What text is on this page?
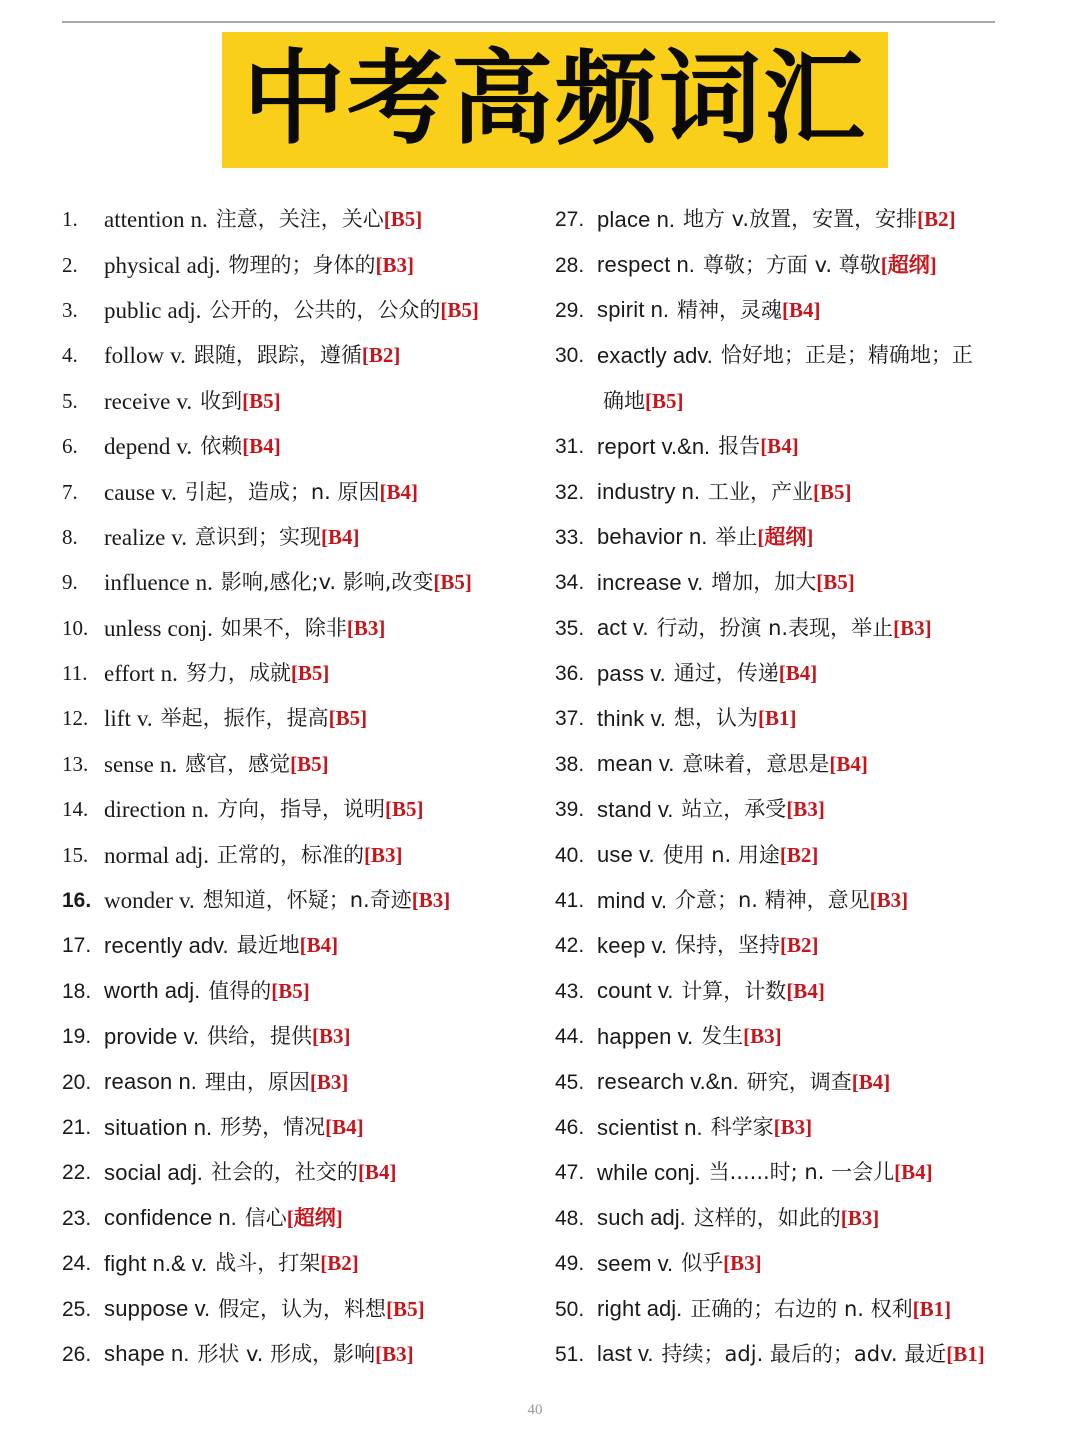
中考高频词汇
1.	attention n. 注意，关注，关心 [B5]
2.	physical adj. 物理的；身体的 [B3]
3.	public adj. 公开的，公共的，公众的 [B5]
4.	follow v. 跟随，跟踪，遵循 [B2]
5.	receive v. 收到 [B5]
6.	depend v. 依赖 [B4]
7.	cause v. 引起，造成；n. 原因 [B4]
8.	realize v. 意识到；实现 [B4]
9.	influence n. 影响,感化;v. 影响,改变 [B5]
10. unless conj. 如果不，除非 [B3]
11. effort n. 努力，成就 [B5]
12. lift v. 举起，振作，提高 [B5]
13. sense n. 感官，感觉 [B5]
14. direction n. 方向，指导，说明 [B5]
15. normal adj. 正常的，标准的 [B3]
16. wonder v. 想知道，怀疑；n.奇迹 [B3]
17. recently adv. 最近地 [B4]
18. worth adj. 值得的 [B5]
19. provide v. 供给，提供 [B3]
20. reason n. 理由，原因 [B3]
21. situation n. 形势，情况 [B4]
22. social adj. 社会的，社交的 [B4]
23. confidence n. 信心 [超纲]
24. fight n.& v. 战斗，打架 [B2]
25. suppose v. 假定，认为，料想 [B5]
26. shape n. 形状 v. 形成，影响 [B3]
27. place n. 地方 v.放置，安置，安排 [B2]
28. respect n. 尊敬；方面 v. 尊敬 [超纲]
29. spirit n. 精神，灵魂 [B4]
30. exactly adv. 恰好地；正是；精确地；正
确地 [B5]
31. report v.&n. 报告 [B4]
32. industry n. 工业，产业 [B5]
33. behavior n. 举止 [超纲]
34. increase v. 增加，加大 [B5]
35. act v. 行动，扮演 n.表现，举止 [B3]
36. pass v. 通过，传递 [B4]
37. think v. 想，认为 [B1]
38. mean v. 意味着，意思是 [B4]
39. stand v. 站立，承受 [B3]
40. use v. 使用 n. 用途 [B2]
41. mind v. 介意；n. 精神，意见 [B3]
42. keep v. 保持，坚持 [B2]
43. count v. 计算，计数 [B4]
44. happen v. 发生 [B3]
45. research v.&n. 研究，调查 [B4]
46. scientist n. 科学家 [B3]
47. while conj. 当......时; n. 一会儿 [B4]
48. such adj. 这样的，如此的 [B3]
49. seem v. 似乎 [B3]
50. right adj. 正确的；右边的 n. 权利 [B1]
51. last v. 持续；adj. 最后的；adv. 最近 [B1]
40
